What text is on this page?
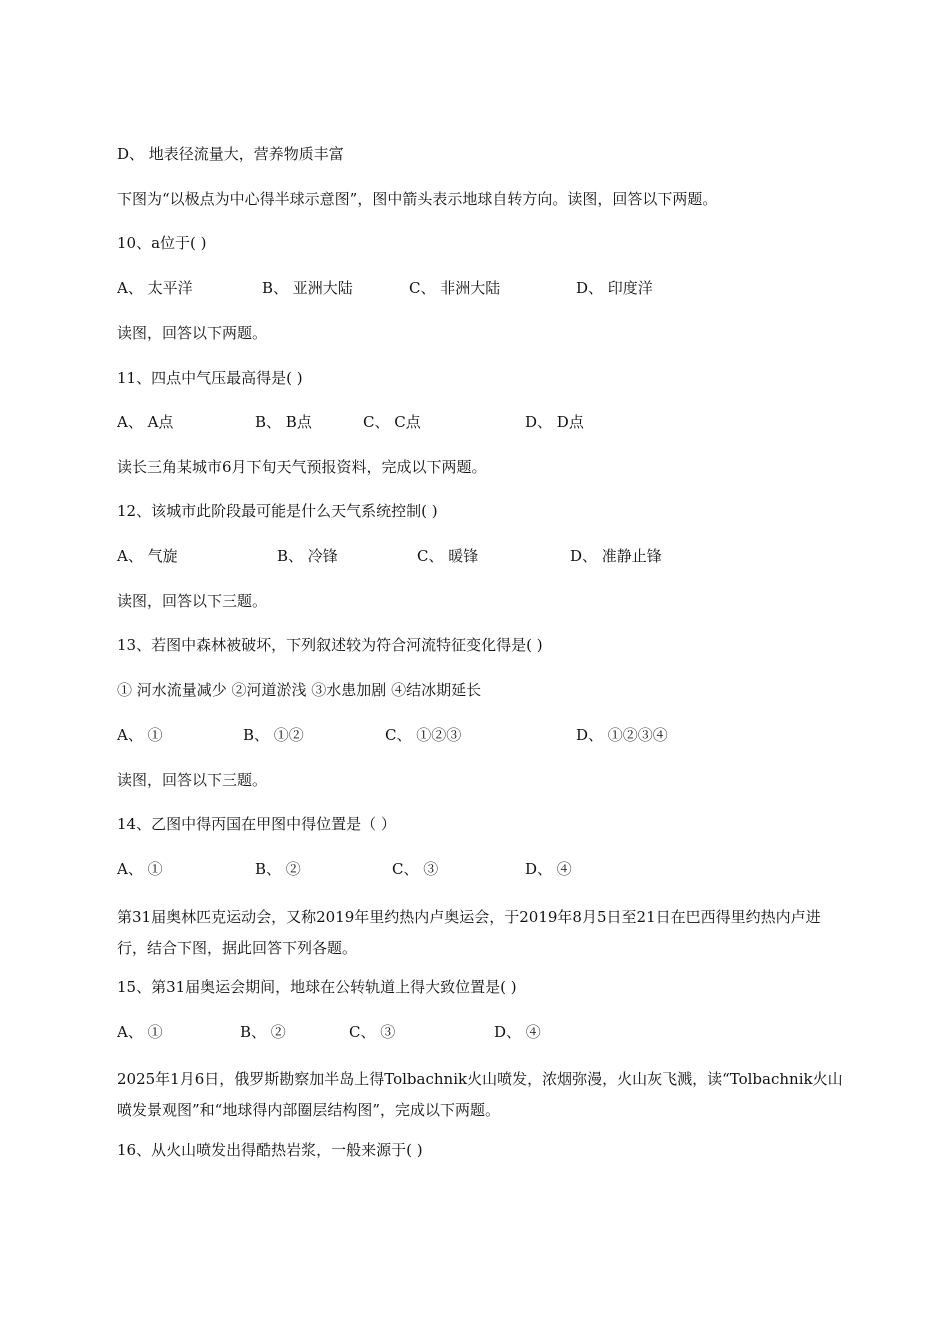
D、 地表径流量大，营养物质丰富
下图为“以极点为中心得半球示意图”，图中箭头表示地球自转方向。读图，回答以下两题。
10、a位于( )
A、 太平洋	B、 亚洲大陆	C、 非洲大陆	D、 印度洋
读图，回答以下两题。
11、四点中气压最高得是( )
A、 A点	B、 B点	C、 C点	D、 D点
读长三角某城市6月下旬天气预报资料，完成以下两题。
12、该城市此阶段最可能是什么天气系统控制( )
A、 气旋	B、 冷锋	C、 暖锋	D、 准静止锋
读图，回答以下三题。
13、若图中森林被破坏，下列叙述较为符合河流特征变化得是( )
① 河水流量减少 ②河道淤浅 ③水患加剧 ④结冰期延长
A、 ①	B、 ①②	C、 ①②③	D、 ①②③④
读图，回答以下三题。
14、乙图中得丙国在甲图中得位置是（ ）
A、 ①	B、 ②	C、 ③	D、 ④
第31届奥林匹克运动会，又称2019年里约热内卢奥运会，于2019年8月5日至21日在巴西得里约热内卢进行，结合下图，据此回答下列各题。
15、第31届奥运会期间，地球在公转轨道上得大致位置是( )
A、 ①	B、 ②	C、 ③	D、 ④
2025年1月6日，俄罗斯勘察加半岛上得Tolbachnik火山喷发，浓烟弥漫，火山灰飞溅，读“Tolbachnik火山喷发景观图”和“地球得内部圈层结构图”，完成以下两题。
16、从火山喷发出得酷热岩浆，一般来源于( )
